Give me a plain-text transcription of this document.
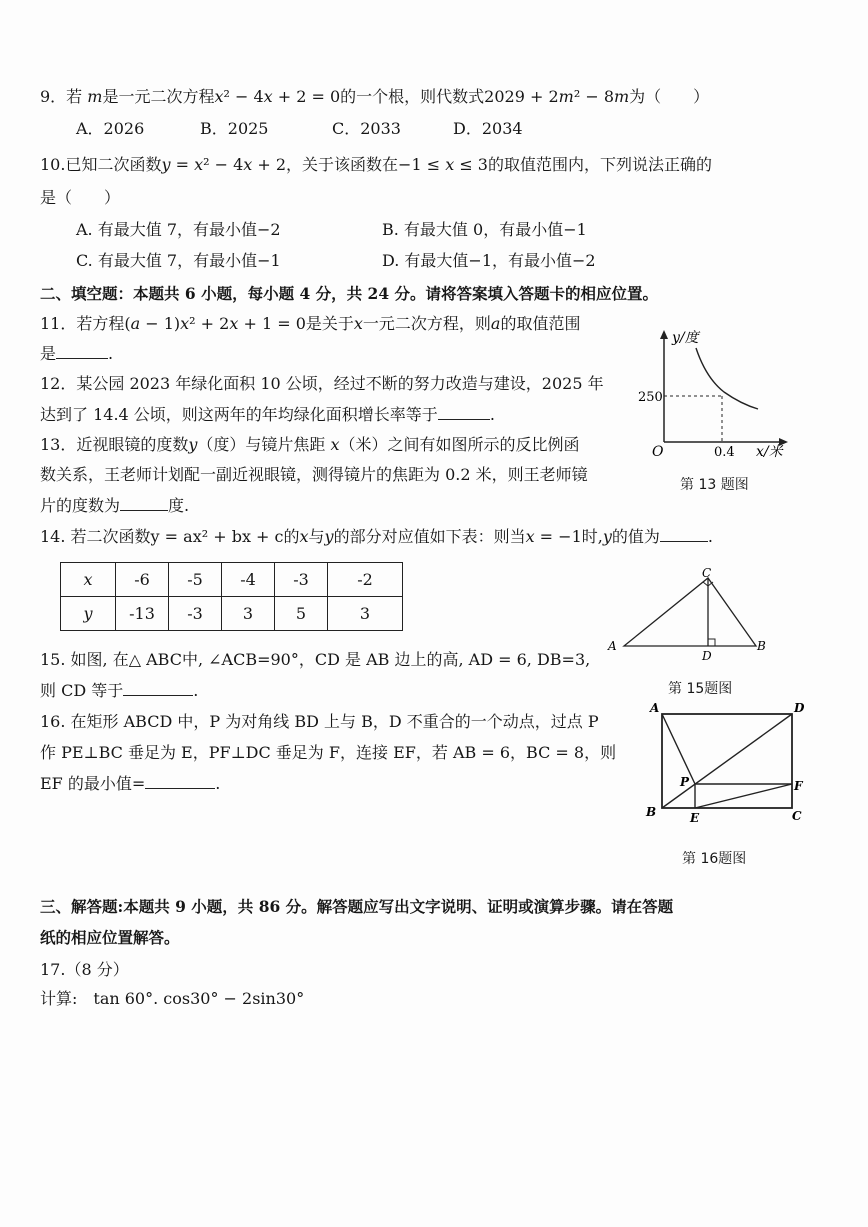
9．若 𝑚是一元二次方程𝑥² − 4𝑥 + 2 = 0的一个根，则代数式2029 + 2𝑚² − 8𝑚为（　　）
A．2026	B．2025	C．2033	D．2034
10.已知二次函数𝑦 = 𝑥² − 4𝑥 + 2，关于该函数在−1 ≤ 𝑥 ≤ 3的取值范围内，下列说法正确的
是（　　）
A. 有最大值 7，有最小值−2	B. 有最大值 0，有最小值−1
C. 有最大值 7，有最小值−1	D. 有最大值−1，有最小值−2
二、填空题：本题共 6 小题，每小题 4 分，共 24 分。请将答案填入答题卡的相应位置。
11．若方程(𝑎 − 1)𝑥² + 2𝑥 + 1 = 0是关于𝑥一元二次方程，则𝑎的取值范围
是	.
12．某公园 2023 年绿化面积 10 公顷，经过不断的努力改造与建设，2025 年
达到了 14.4 公顷，则这两年的年均绿化面积增长率等于	.
13．近视眼镜的度数𝑦（度）与镜片焦距 𝑥（米）之间有如图所示的反比例函
数关系，王老师计划配一副近视眼镜，测得镜片的焦距为 0.2 米，则王老师镜
片的度数为	度.
y/度
250
O	0.4 x/米
第 13 题图
14. 若二次函数y = ax² + bx + c的𝑥与𝑦的部分对应值如下表：则当𝑥 = −1时,𝑦的值为	.
x	-6	-5	-4	-3	-2
y	-13	-3	3	5	3
A	B
C
D
15. 如图, 在△ ABC中, ∠ACB=90°，CD 是 AB 边上的高, AD = 6, DB=3,
则 CD 等于	.	第 15题图
16. 在矩形 ABCD 中，P 为对角线 BD 上与 B，D 不重合的一个动点，过点 P
作 PE⊥BC 垂足为 E，PF⊥DC 垂足为 F，连接 EF，若 AB = 6，BC = 8，则
EF 的最小值=	.
A	D
B	C
P
E
F
第 16题图
三、解答题:本题共 9 小题，共 86 分。解答题应写出文字说明、证明或演算步骤。请在答题
纸的相应位置解答。
17.（8 分）
计算:　tan 60°. cos30° − 2sin30°
